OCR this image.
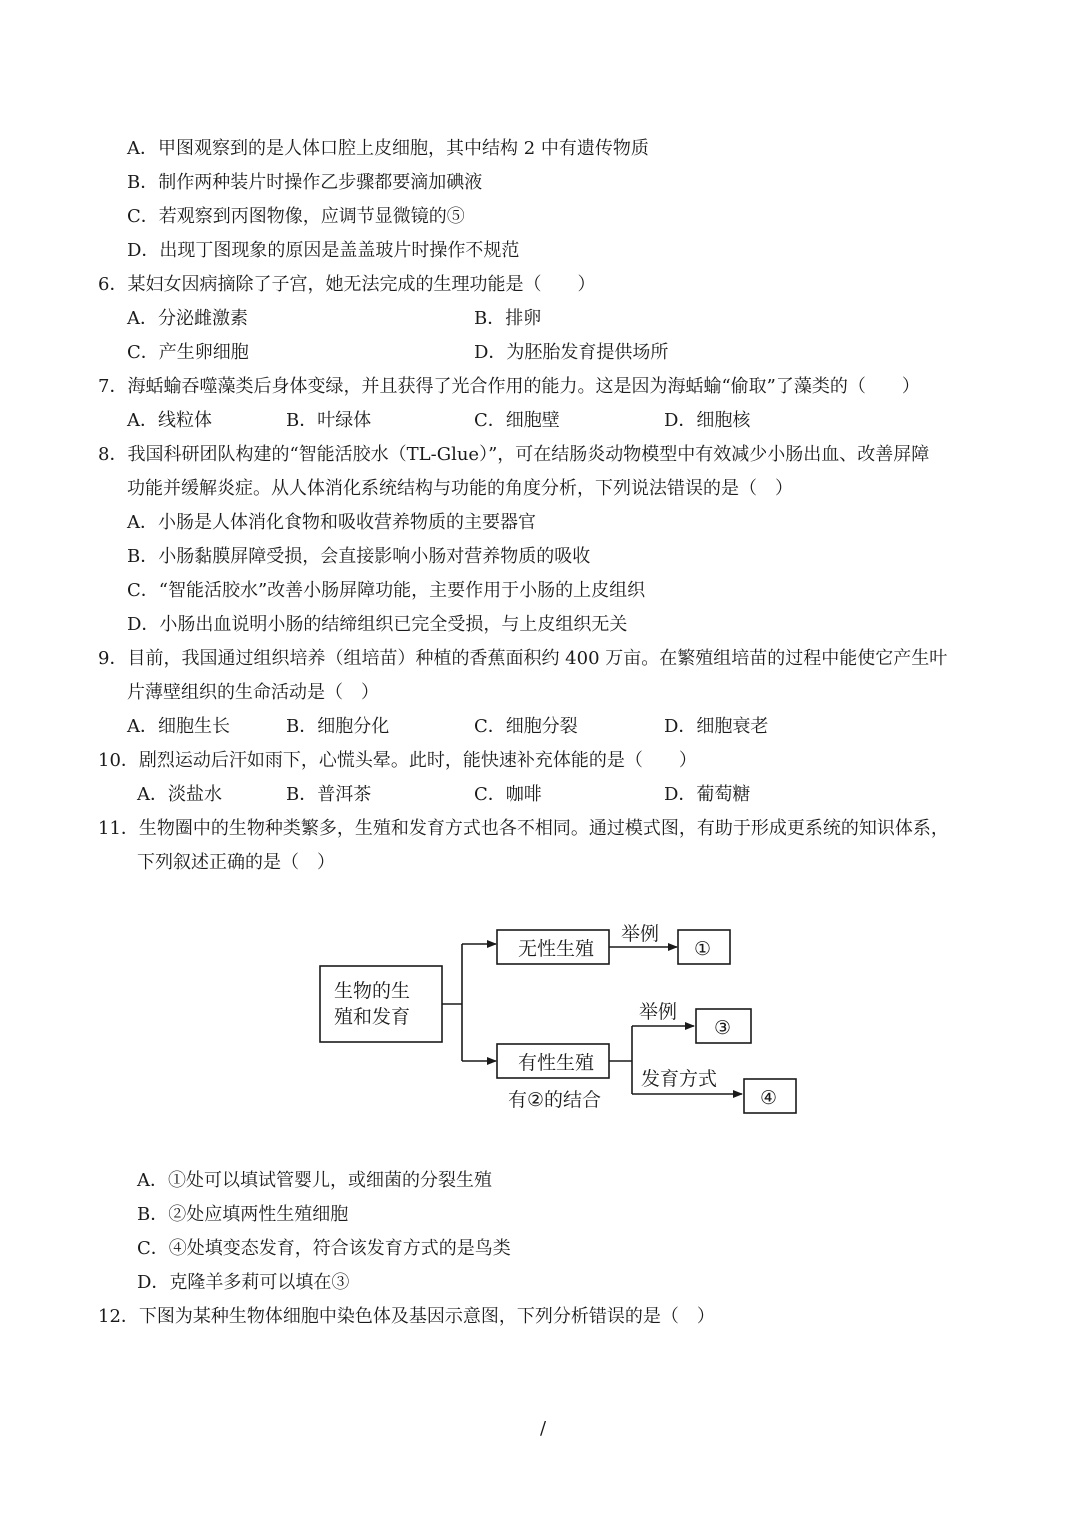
A．甲图观察到的是人体口腔上皮细胞，其中结构 2 中有遗传物质
B．制作两种装片时操作乙步骤都要滴加碘液
C．若观察到丙图物像，应调节显微镜的⑤
D．出现丁图现象的原因是盖盖玻片时操作不规范
6．某妇女因病摘除了子宫，她无法完成的生理功能是（　　）
A．分泌雌激素	B．排卵
C．产生卵细胞	D．为胚胎发育提供场所
7．海蛞蝓吞噬藻类后身体变绿，并且获得了光合作用的能力。这是因为海蛞蝓“偷取”了藻类的（　　）
A．线粒体	B．叶绿体	C．细胞壁	D．细胞核
8．我国科研团队构建的“智能活胶水（TL-Glue）”，可在结肠炎动物模型中有效减少小肠出血、改善屏障
功能并缓解炎症。从人体消化系统结构与功能的角度分析，下列说法错误的是（　）
A．小肠是人体消化食物和吸收营养物质的主要器官
B．小肠黏膜屏障受损，会直接影响小肠对营养物质的吸收
C．“智能活胶水”改善小肠屏障功能，主要作用于小肠的上皮组织
D．小肠出血说明小肠的结缔组织已完全受损，与上皮组织无关
9．目前，我国通过组织培养（组培苗）种植的香蕉面积约 400 万亩。在繁殖组培苗的过程中能使它产生叶
片薄壁组织的生命活动是（　）
A．细胞生长	B．细胞分化	C．细胞分裂	D．细胞衰老
10．剧烈运动后汗如雨下，心慌头晕。此时，能快速补充体能的是（　　）
A．淡盐水	B．普洱茶	C．咖啡	D．葡萄糖
11．生物圈中的生物种类繁多，生殖和发育方式也各不相同。通过模式图，有助于形成更系统的知识体系，
下列叙述正确的是（　）
生物的生
殖和发育
无性生殖
有性生殖
举例
举例
发育方式
有②的结合
①
③
④
A．①处可以填试管婴儿，或细菌的分裂生殖
B．②处应填两性生殖细胞
C．④处填变态发育，符合该发育方式的是鸟类
D．克隆羊多莉可以填在③
12．下图为某种生物体细胞中染色体及基因示意图，下列分析错误的是（　）
/
